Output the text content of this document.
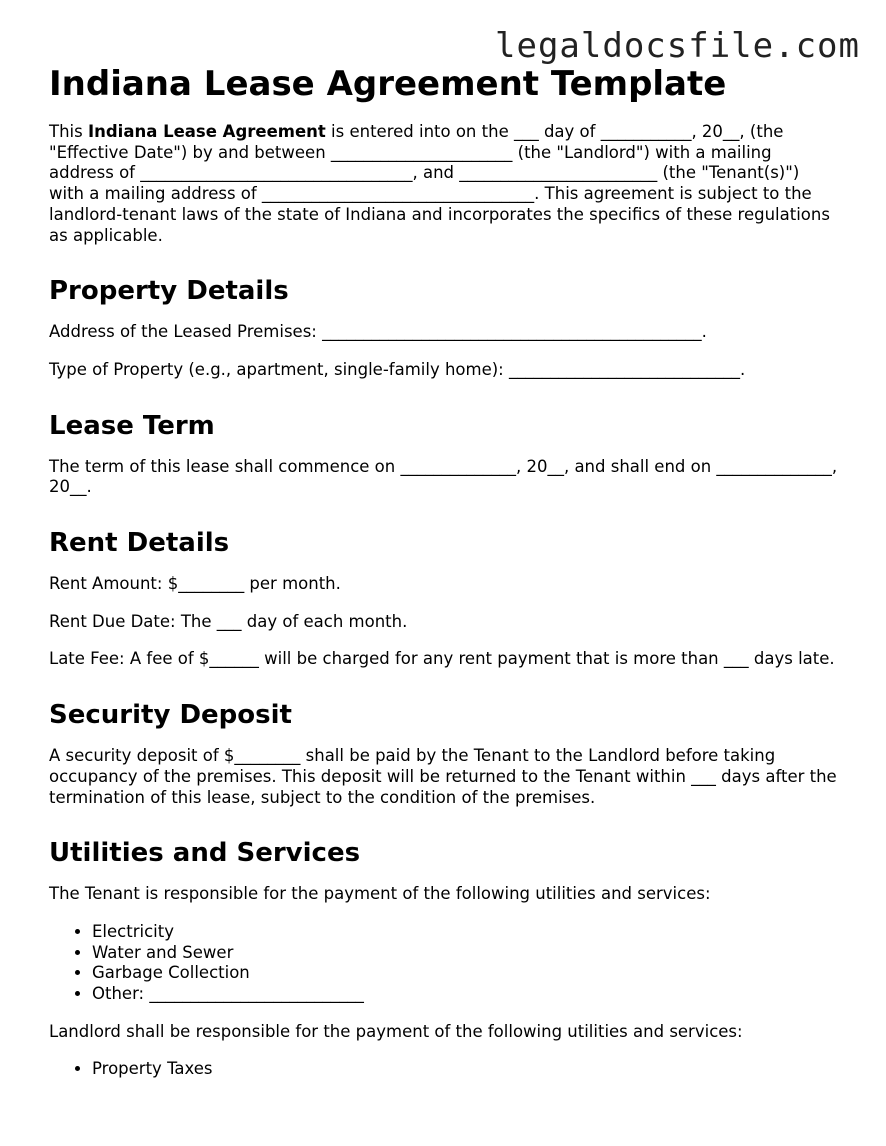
legaldocsfile.com
Indiana Lease Agreement Template

This Indiana Lease Agreement is entered into on the ___ day of ___________, 20__, (the "Effective Date") by and between ______________________ (the "Landlord") with a mailing address of _________________________________, and ________________________ (the "Tenant(s)") with a mailing address of _________________________________. This agreement is subject to the landlord-tenant laws of the state of Indiana and incorporates the specifics of these regulations as applicable.

Property Details

Address of the Leased Premises: ______________________________________________.

Type of Property (e.g., apartment, single-family home): ____________________________.

Lease Term

The term of this lease shall commence on ______________, 20__, and shall end on ______________, 20__.

Rent Details

Rent Amount: $________ per month.

Rent Due Date: The ___ day of each month.

Late Fee: A fee of $______ will be charged for any rent payment that is more than ___ days late.

Security Deposit

A security deposit of $________ shall be paid by the Tenant to the Landlord before taking occupancy of the premises. This deposit will be returned to the Tenant within ___ days after the termination of this lease, subject to the condition of the premises.

Utilities and Services

The Tenant is responsible for the payment of the following utilities and services:

• Electricity
• Water and Sewer
• Garbage Collection
• Other: __________________________

Landlord shall be responsible for the payment of the following utilities and services:

• Property Taxes
